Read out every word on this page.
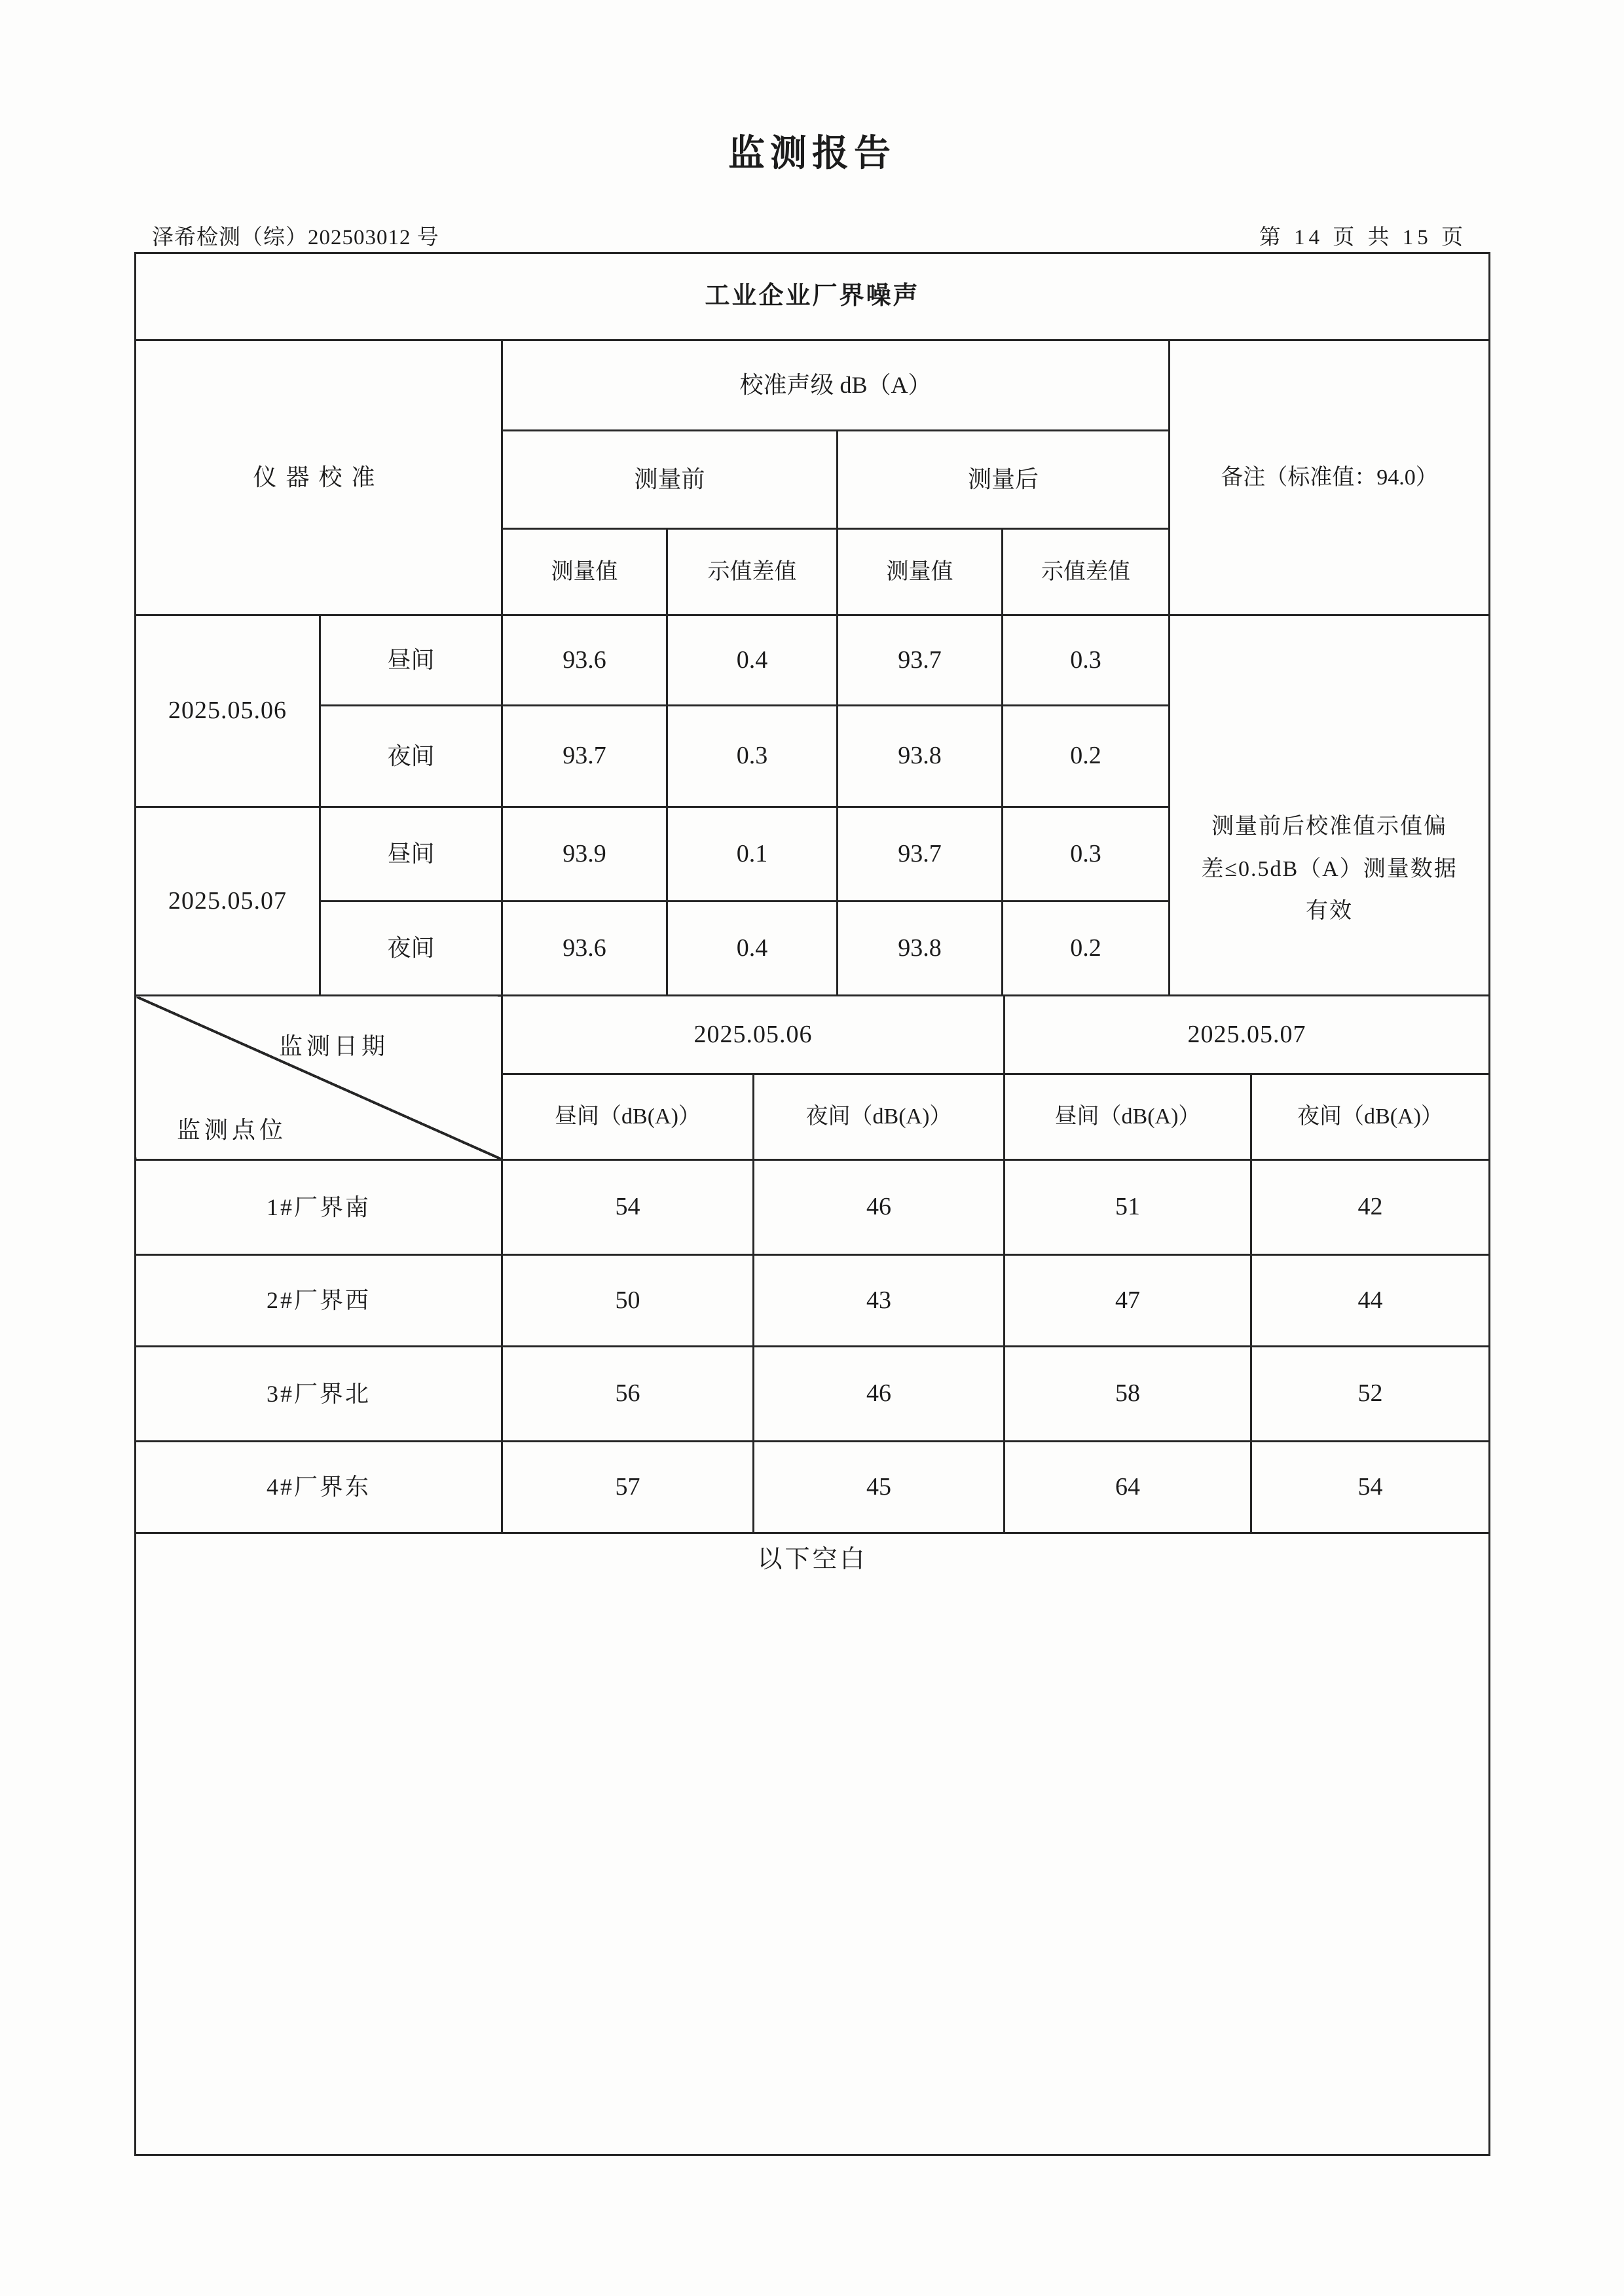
监测报告
泽希检测（综）202503012 号	第 14 页 共 15 页
工业企业厂界噪声						
仪器校准		校准声级 dB（A）				备注（标准值：94.0）
		测量前		测量后		
		测量值	示值差值	测量值	示值差值	
2025.05.06	昼间	93.6	0.4	93.7	0.3	测量前后校准值示值偏
差≤0.5dB（A）测量数据
有效

	夜间	93.7	0.3	93.8	0.2	
2025.05.07	昼间	93.9	0.1	93.7	0.3	
	夜间	93.6	0.4	93.8	0.2	
监测日期
监测点位	2025.05.06		2025.05.07	
	昼间（dB(A)）	夜间（dB(A)）	昼间（dB(A)）	夜间（dB(A)）
1#厂界南	54	46	51	42
2#厂界西	50	43	47	44
3#厂界北	56	46	58	52
4#厂界东	57	45	64	54
以下空白				
